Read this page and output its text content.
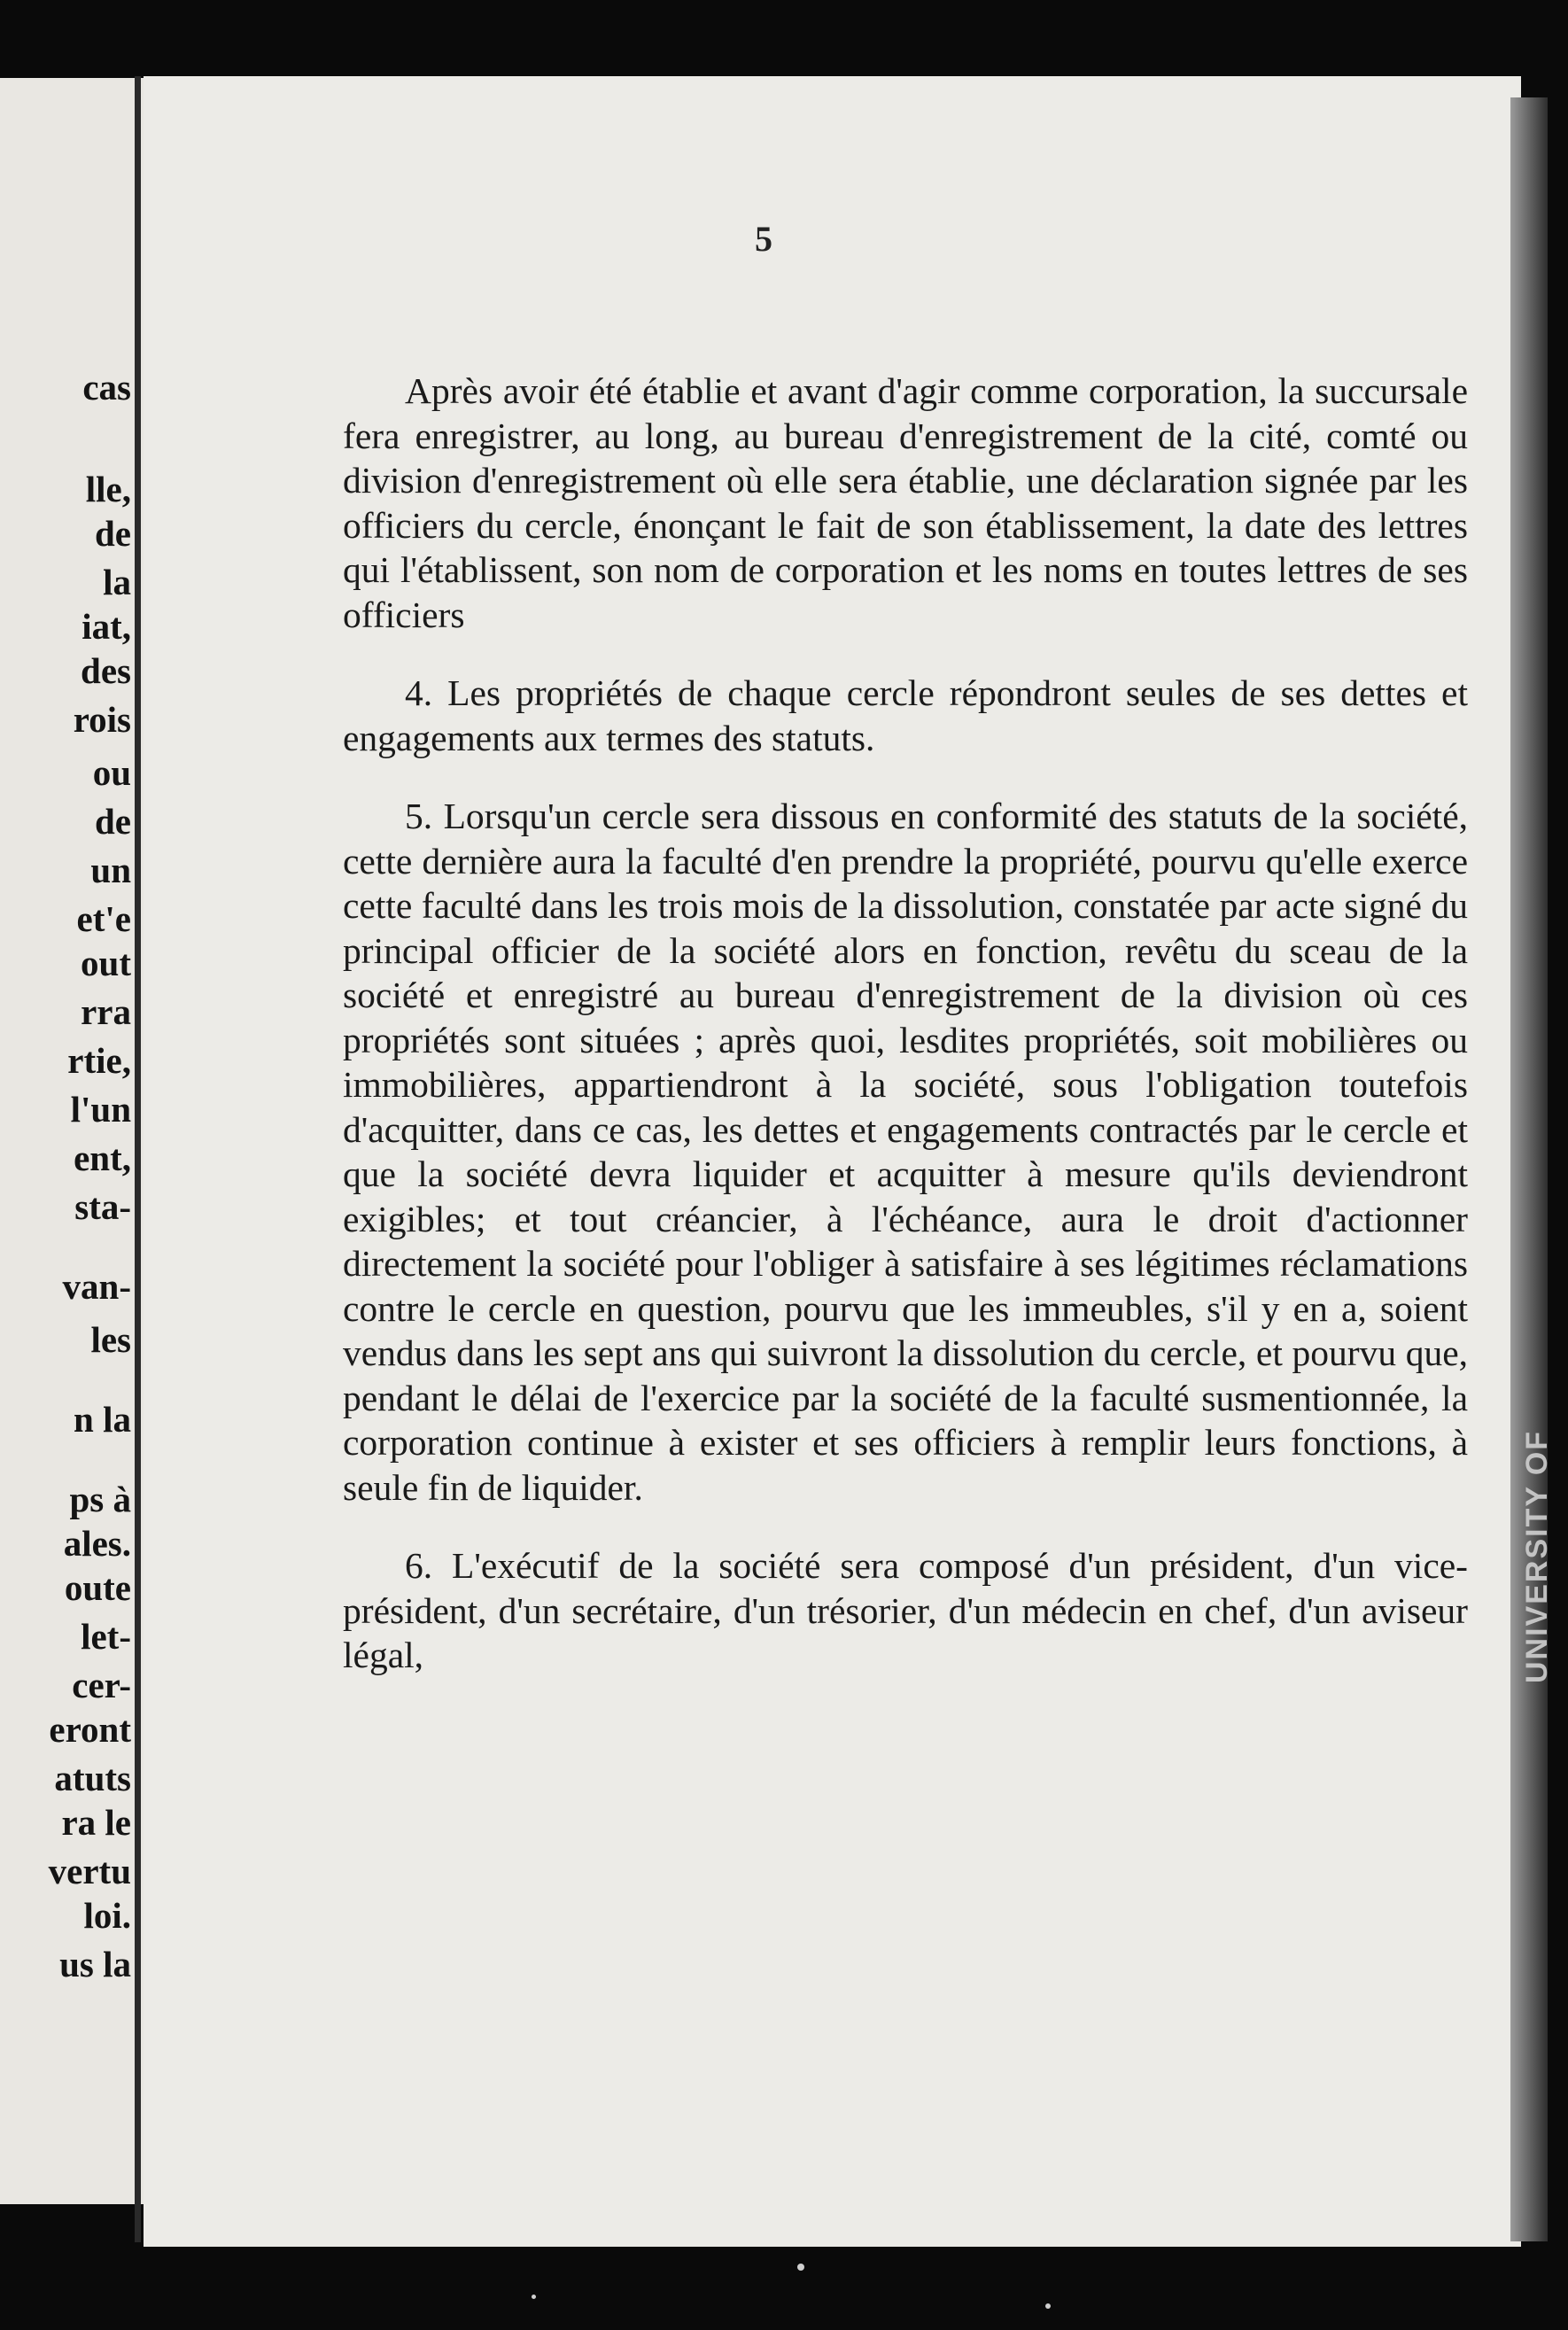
cas
lle,
de
la
iat,
des
rois
ou
de
un
et'e
out
rra
rtie,
l'un
ent,
sta-
van-
les
n la
ps à
ales.
oute
let-
cer-
eront
atuts
ra le
vertu
loi.
us la
5

Après avoir été établie et avant d'agir comme corporation, la succursale fera enregistrer, au long, au bureau d'enregistrement de la cité, comté ou division d'enregistrement où elle sera établie, une déclaration signée par les officiers du cercle, énonçant le fait de son établissement, la date des lettres qui l'établissent, son nom de corporation et les noms en toutes lettres de ses officiers

4. Les propriétés de chaque cercle répondront seules de ses dettes et engagements aux termes des statuts.

5. Lorsqu'un cercle sera dissous en conformité des statuts de la société, cette dernière aura la faculté d'en prendre la propriété, pourvu qu'elle exerce cette faculté dans les trois mois de la dissolution, constatée par acte signé du principal officier de la société alors en fonction, revêtu du sceau de la société et enregistré au bureau d'enregistrement de la division où ces propriétés sont situées ; après quoi, lesdites propriétés, soit mobilières ou immobilières, appartiendront à la société, sous l'obligation toutefois d'acquitter, dans ce cas, les dettes et engagements contractés par le cercle et que la société devra liquider et acquitter à mesure qu'ils deviendront exigibles; et tout créancier, à l'échéance, aura le droit d'actionner directement la société pour l'obliger à satisfaire à ses légitimes réclamations contre le cercle en question, pourvu que les immeubles, s'il y en a, soient vendus dans les sept ans qui suivront la dissolution du cercle, et pourvu que, pendant le délai de l'exercice par la société de la faculté susmentionnée, la corporation continue à exister et ses officiers à remplir leurs fonctions, à seule fin de liquider.

6. L'exécutif de la société sera composé d'un président, d'un vice-président, d'un secrétaire, d'un trésorier, d'un médecin en chef, d'un aviseur légal,	UNIVERSITY OF
